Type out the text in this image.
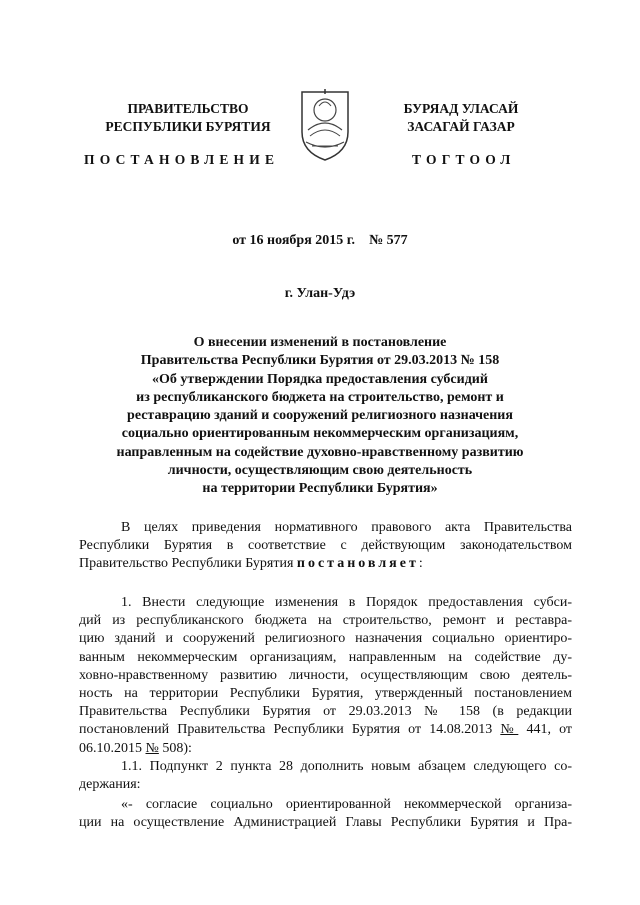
ПРАВИТЕЛЬСТВО
РЕСПУБЛИКИ БУРЯТИЯ
БУРЯАД УЛАСАЙ
ЗАСАГАЙ ГАЗАР
ПОСТАНОВЛЕНИЕ	ТОГТООЛ
от 16 ноября 2015 г. № 577
г. Улан-Удэ
О внесении изменений в постановление
Правительства Республики Бурятия от 29.03.2013 № 158
«Об утверждении Порядка предоставления субсидий
из республиканского бюджета на строительство, ремонт и
реставрацию зданий и сооружений религиозного назначения
социально ориентированным некоммерческим организациям,
направленным на содействие духовно-нравственному развитию
личности, осуществляющим свою деятельность
на территории Республики Бурятия»
В целях приведения нормативного правового акта Правительства
Республики Бурятия в соответствие с действующим законодательством
Правительство Республики Бурятия постановляет:
1. Внести следующие изменения в Порядок предоставления субси-
дий из республиканского бюджета на строительство, ремонт и реставра-
цию зданий и сооружений религиозного назначения социально ориентиро-
ванным некоммерческим организациям, направленным на содействие ду-
ховно-нравственному развитию личности, осуществляющим свою деятель-
ность на территории Республики Бурятия, утвержденный постановлением
Правительства Республики Бурятия от 29.03.2013 № 158 (в редакции
постановлений Правительства Республики Бурятия от 14.08.2013 № 441, от
06.10.2015 № 508):
1.1. Подпункт 2 пункта 28 дополнить новым абзацем следующего со-
держания:
«- согласие социально ориентированной некоммерческой организа-
ции на осуществление Администрацией Главы Республики Бурятия и Пра-
